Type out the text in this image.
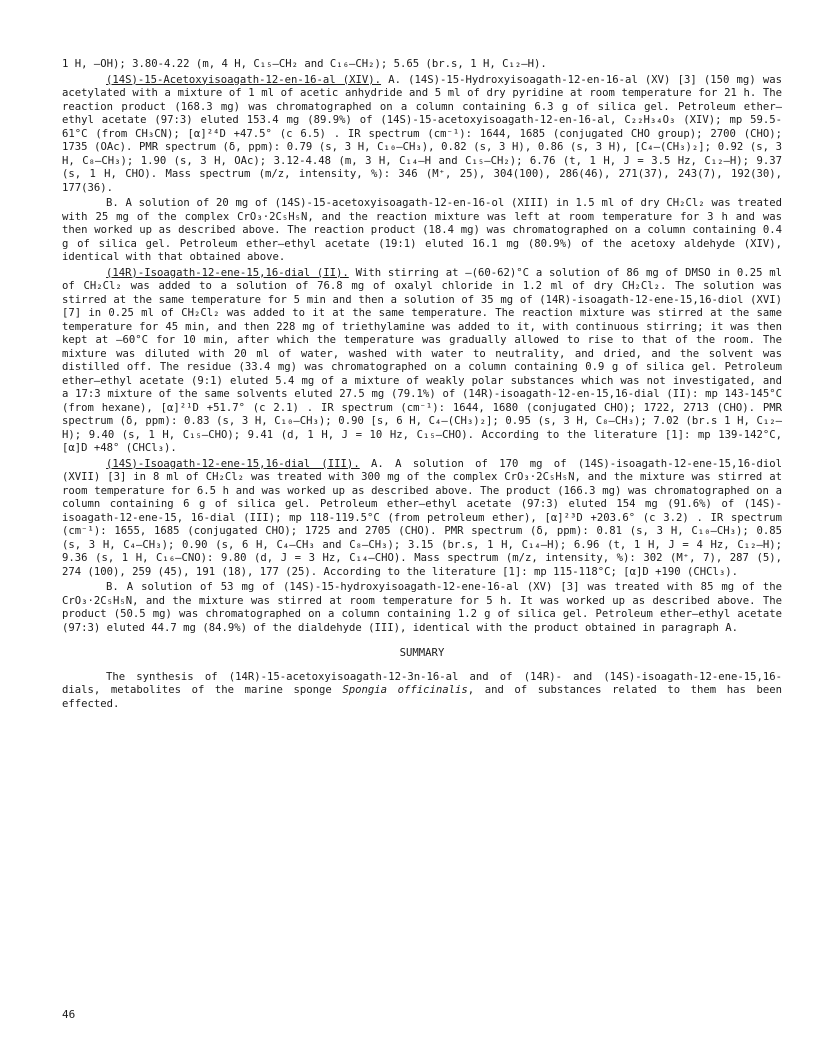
1 H, —OH); 3.80-4.22 (m, 4 H, C₁₅—CH₂ and C₁₆—CH₂); 5.65 (br.s, 1 H, C₁₂—H).

(14S)-15-Acetoxyisoagath-12-en-16-al (XIV). A. (14S)-15-Hydroxyisoagath-12-en-16-al (XV) [3] (150 mg) was acetylated with a mixture of 1 ml of acetic anhydride and 5 ml of dry pyridine at room temperature for 21 h. The reaction product (168.3 mg) was chromatographed on a column containing 6.3 g of silica gel. Petroleum ether—ethyl acetate (97:3) eluted 153.4 mg (89.9%) of (14S)-15-acetoxyisoagath-12-en-16-al, C₂₂H₃₄O₃ (XIV); mp 59.5-61°C (from CH₃CN); [α]²⁴D +47.5° (c 6.5) . IR spectrum (cm⁻¹): 1644, 1685 (conjugated CHO group); 2700 (CHO); 1735 (OAc). PMR spectrum (δ, ppm): 0.79 (s, 3 H, C₁₀—CH₃), 0.82 (s, 3 H), 0.86 (s, 3 H), [C₄—(CH₃)₂]; 0.92 (s, 3 H, C₈—CH₃); 1.90 (s, 3 H, OAc); 3.12-4.48 (m, 3 H, C₁₄—H and C₁₅—CH₂); 6.76 (t, 1 H, J = 3.5 Hz, C₁₂—H); 9.37 (s, 1 H, CHO). Mass spectrum (m/z, intensity, %): 346 (M⁺, 25), 304(100), 286(46), 271(37), 243(7), 192(30), 177(36).

B. A solution of 20 mg of (14S)-15-acetoxyisoagath-12-en-16-ol (XIII) in 1.5 ml of dry CH₂Cl₂ was treated with 25 mg of the complex CrO₃·2C₅H₅N, and the reaction mixture was left at room temperature for 3 h and was then worked up as described above. The reaction product (18.4 mg) was chromatographed on a column containing 0.4 g of silica gel. Petroleum ether—ethyl acetate (19:1) eluted 16.1 mg (80.9%) of the acetoxy aldehyde (XIV), identical with that obtained above.

(14R)-Isoagath-12-ene-15,16-dial (II). With stirring at —(60-62)°C a solution of 86 mg of DMSO in 0.25 ml of CH₂Cl₂ was added to a solution of 76.8 mg of oxalyl chloride in 1.2 ml of dry CH₂Cl₂. The solution was stirred at the same temperature for 5 min and then a solution of 35 mg of (14R)-isoagath-12-ene-15,16-diol (XVI) [7] in 0.25 ml of CH₂Cl₂ was added to it at the same temperature. The reaction mixture was stirred at the same temperature for 45 min, and then 228 mg of triethylamine was added to it, with continuous stirring; it was then kept at —60°C for 10 min, after which the temperature was gradually allowed to rise to that of the room. The mixture was diluted with 20 ml of water, washed with water to neutrality, and dried, and the solvent was distilled off. The residue (33.4 mg) was chromatographed on a column containing 0.9 g of silica gel. Petroleum ether—ethyl acetate (9:1) eluted 5.4 mg of a mixture of weakly polar substances which was not investigated, and a 17:3 mixture of the same solvents eluted 27.5 mg (79.1%) of (14R)-isoagath-12-en-15,16-dial (II): mp 143-145°C (from hexane), [α]²¹D +51.7° (c 2.1) . IR spectrum (cm⁻¹): 1644, 1680 (conjugated CHO); 1722, 2713 (CHO). PMR spectrum (δ, ppm): 0.83 (s, 3 H, C₁₀—CH₃); 0.90 [s, 6 H, C₄—(CH₃)₂]; 0.95 (s, 3 H, C₈—CH₃); 7.02 (br.s 1 H, C₁₂—H); 9.40 (s, 1 H, C₁₅—CHO); 9.41 (d, 1 H, J = 10 Hz, C₁₅—CHO). According to the literature [1]: mp 139-142°C, [α]D +48° (CHCl₃).

(14S)-Isoagath-12-ene-15,16-dial (III). A. A solution of 170 mg of (14S)-isoagath-12-ene-15,16-diol (XVII) [3] in 8 ml of CH₂Cl₂ was treated with 300 mg of the complex CrO₃·2C₅H₅N, and the mixture was stirred at room temperature for 6.5 h and was worked up as described above. The product (166.3 mg) was chromatographed on a column containing 6 g of silica gel. Petroleum ether—ethyl acetate (97:3) eluted 154 mg (91.6%) of (14S)-isoagath-12-ene-15, 16-dial (III); mp 118-119.5°C (from petroleum ether), [α]²³D +203.6° (c 3.2) . IR spectrum (cm⁻¹): 1655, 1685 (conjugated CHO); 1725 and 2705 (CHO). PMR spectrum (δ, ppm): 0.81 (s, 3 H, C₁₀—CH₃); 0.85 (s, 3 H, C₄—CH₃); 0.90 (s, 6 H, C₄—CH₃ and C₈—CH₃); 3.15 (br.s, 1 H, C₁₄—H); 6.96 (t, 1 H, J = 4 Hz, C₁₂—H); 9.36 (s, 1 H, C₁₆—CNO): 9.80 (d, J = 3 Hz, C₁₄—CHO). Mass spectrum (m/z, intensity, %): 302 (M⁺, 7), 287 (5), 274 (100), 259 (45), 191 (18), 177 (25). According to the literature [1]: mp 115-118°C; [α]D +190 (CHCl₃).

B. A solution of 53 mg of (14S)-15-hydroxyisoagath-12-ene-16-al (XV) [3] was treated with 85 mg of the CrO₃·2C₅H₅N, and the mixture was stirred at room temperature for 5 h. It was worked up as described above. The product (50.5 mg) was chromatographed on a column containing 1.2 g of silica gel. Petroleum ether—ethyl acetate (97:3) eluted 44.7 mg (84.9%) of the dialdehyde (III), identical with the product obtained in paragraph A.

SUMMARY

The synthesis of (14R)-15-acetoxyisoagath-12-3n-16-al and of (14R)- and (14S)-isoagath-12-ene-15,16-dials, metabolites of the marine sponge Spongia officinalis, and of substances related to them has been effected.

46
